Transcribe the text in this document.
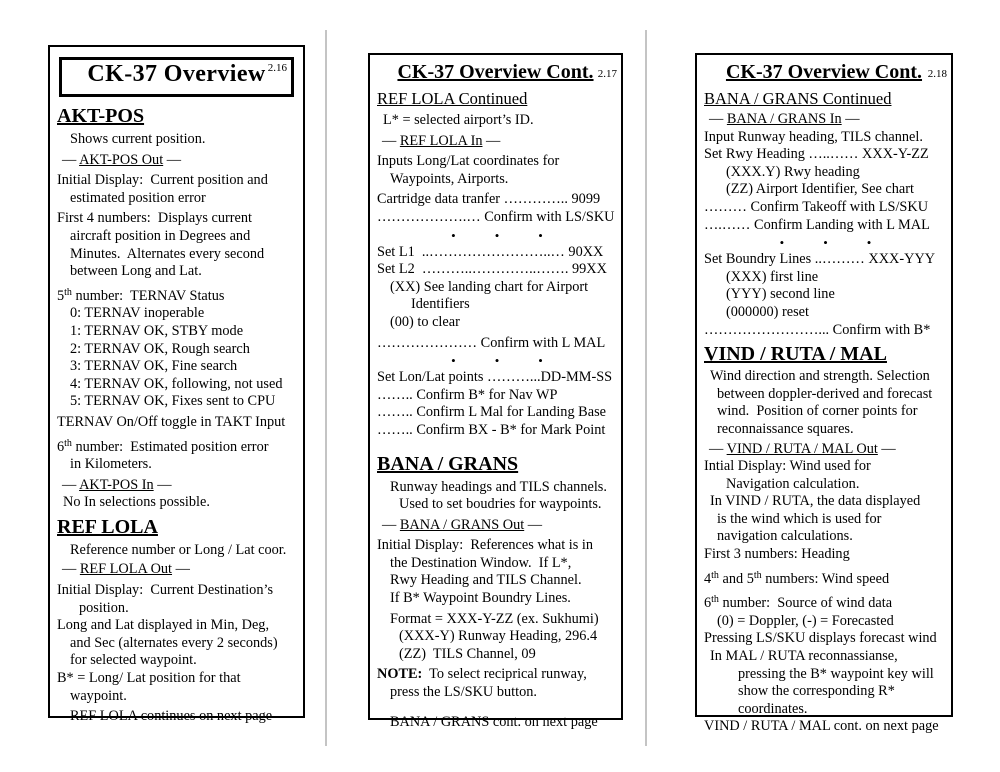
CK-37 Overview 2.16
AKT-POS
Shows current position.
— AKT-POS Out —
Initial Display:  Current position and
estimated position error
First 4 numbers:  Displays current
aircraft position in Degrees and
Minutes.  Alternates every second
between Long and Lat.
5th number:  TERNAV Status
0: TERNAV inoperable
1: TERNAV OK, STBY mode
2: TERNAV OK, Rough search
3: TERNAV OK, Fine search
4: TERNAV OK, following, not used
5: TERNAV OK, Fixes sent to CPU
TERNAV On/Off toggle in TAKT Input
6th number:  Estimated position error
in Kilometers.
— AKT-POS In —
No In selections possible.
REF LOLA
Reference number or Long / Lat coor.
— REF LOLA Out —
Initial Display:  Current Destination’s
position.
Long and Lat displayed in Min, Deg,
and Sec (alternates every 2 seconds)
for selected waypoint.
B* = Long/ Lat position for that
waypoint.
REF LOLA continues on next page
CK-37 Overview Cont. 2.17
REF LOLA Continued
L* = selected airport’s ID.
— REF LOLA In —
Inputs Long/Lat coordinates for
Waypoints, Airports.
Cartridge data tranfer ………….. 9099
……………….… Confirm with LS/SKU
•   •   •
Set L1  ..……………………..… 90XX
Set L2  ………..…………..……. 99XX
(XX) See landing chart for Airport
Identifiers
(00) to clear
………………… Confirm with L MAL
•   •   •
Set Lon/Lat points ………...DD-MM-SS
…….. Confirm B* for Nav WP
…….. Confirm L Mal for Landing Base
…….. Confirm BX - B* for Mark Point
BANA / GRANS
Runway headings and TILS channels.
Used to set boudries for waypoints.
— BANA / GRANS Out —
Initial Display:  References what is in
the Destination Window.  If L*,
Rwy Heading and TILS Channel.
If B* Waypoint Boundry Lines.
Format = XXX-Y-ZZ (ex. Sukhumi)
(XXX-Y) Runway Heading, 296.4
(ZZ)  TILS Channel, 09
NOTE:  To select reciprical runway,
press the LS/SKU button.
BANA / GRANS cont. on next page
CK-37 Overview Cont. 2.18
BANA / GRANS Continued
— BANA / GRANS In —
Input Runway heading, TILS channel.
Set Rwy Heading …..…… XXX-Y-ZZ
(XXX.Y) Rwy heading
(ZZ) Airport Identifier, See chart
……… Confirm Takeoff with LS/SKU
….…… Confirm Landing with L MAL
•   •   •
Set Boundry Lines ..……… XXX-YYY
(XXX) first line
(YYY) second line
(000000) reset
……………………... Confirm with B*
VIND / RUTA / MAL
Wind direction and strength. Selection
between doppler-derived and forecast
wind.  Position of corner points for
reconnaissance squares.
— VIND / RUTA / MAL Out —
Intial Display: Wind used for
Navigation calculation.
In VIND / RUTA, the data displayed
is the wind which is used for
navigation calculations.
First 3 numbers: Heading
4th and 5th numbers: Wind speed
6th number:  Source of wind data
(0) = Doppler, (-) = Forecasted
Pressing LS/SKU displays forecast wind
In MAL / RUTA reconnassianse,
pressing the B* waypoint key will
show the corresponding R*
coordinates.
VIND / RUTA / MAL cont. on next page
